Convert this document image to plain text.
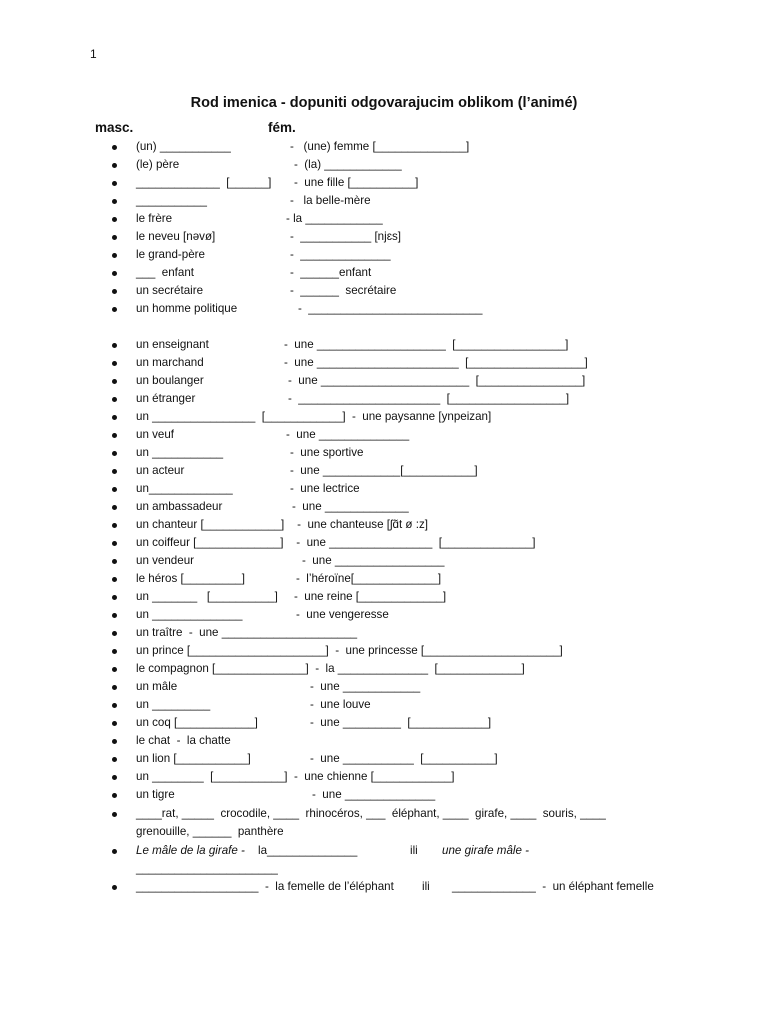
1
Rod imenica - dopuniti odgovarajucim oblikom (l’animé)
masc.	fém.
(un) ___________	-   (une) femme [______________]
(le) père	-  (la) ____________
_____________  [______] -  une fille [__________]
___________	-   la belle-mère
le frère	- la ____________
le neveu [nəvø]	-  ___________ [njɛs]
le grand-père	-  ______________
___  enfant	-  ______enfant
un secrétaire	-  ______  secrétaire
un homme politique	-  ___________________________
un enseignant	-  une ____________________  [_________________]
un marchand	-  une ______________________  [__________________]
un boulanger	-  une _______________________  [________________]
un étranger	-  ______________________  [__________________]
un ________________  [____________]  -  une paysanne [ynpeizan]
un veuf	-  une ______________
un ___________	-  une sportive
un acteur	-  une ____________[___________]
un_____________	-  une lectrice
un ambassadeur	-  une _____________
un chanteur [____________]    -  une chanteuse [ʃɑ̃t ø :z]
un coiffeur [_____________]    -  une ________________  [______________]
un vendeur	-  une _________________
le héros [_________]	-  l’héroïne[_____________]
un _______   [__________]     -  une reine [_____________]
un ______________	-  une vengeresse
un traître  -  une _____________________
un prince [_____________________]  -  une princesse [_____________________]
le compagnon [______________]  -  la ______________  [_____________]
un mâle	-  une ____________
un _________	-  une louve
un coq [____________]	-  une _________  [____________]
le chat  -  la chatte
un lion [___________]	-  une ___________  [___________]
un ________  [___________]  -  une chienne [____________]
un tigre	-  une ______________
____rat, _____  crocodile, ____  rhinocéros, ___  éléphant, ____  girafe, ____  souris, ____
grenouille, ______  panthère
Le mâle de la girafe - la______________	ili une girafe mâle -
______________________
___________________  -  la femelle de l’éléphant ili _____________  -  un éléphant femelle
